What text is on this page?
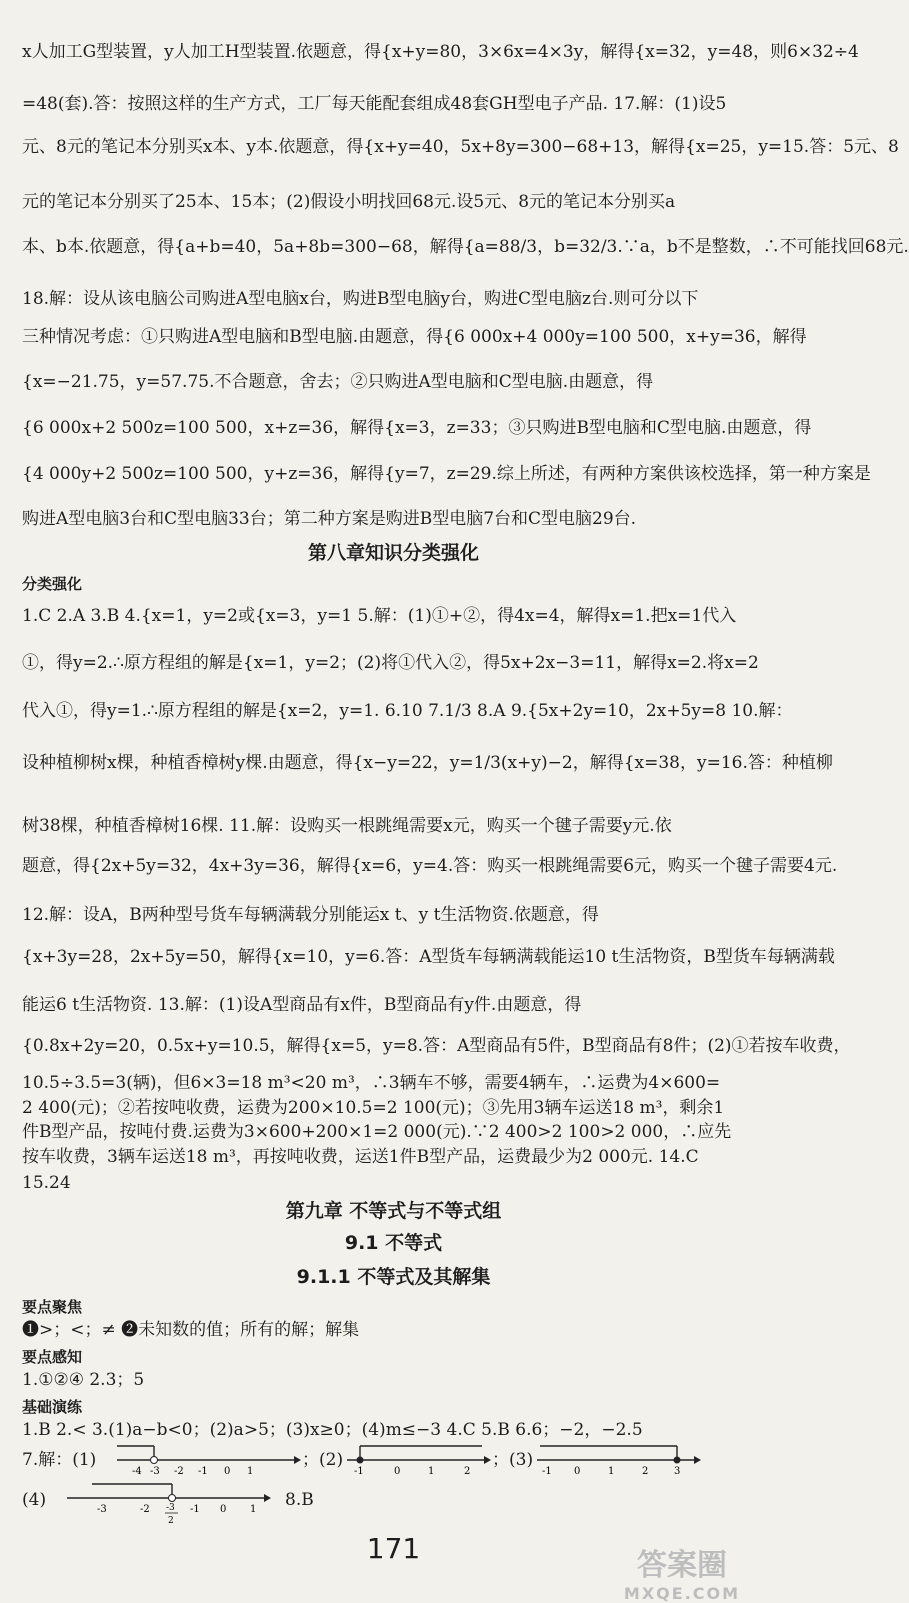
x人加工G型装置，y人加工H型装置.依题意，得{x+y=80，3×6x=4×3y，解得{x=32，y=48，则6×32÷4
=48(套).答：按照这样的生产方式，工厂每天能配套组成48套GH型电子产品. 17.解：(1)设5
元、8元的笔记本分别买x本、y本.依题意，得{x+y=40，5x+8y=300−68+13，解得{x=25，y=15.答：5元、8
元的笔记本分别买了25本、15本；(2)假设小明找回68元.设5元、8元的笔记本分别买a
本、b本.依题意，得{a+b=40，5a+8b=300−68，解得{a=88/3，b=32/3.∵a，b不是整数，∴不可能找回68元.
18.解：设从该电脑公司购进A型电脑x台，购进B型电脑y台，购进C型电脑z台.则可分以下
三种情况考虑：①只购进A型电脑和B型电脑.由题意，得{6 000x+4 000y=100 500，x+y=36，解得
{x=−21.75，y=57.75.不合题意，舍去；②只购进A型电脑和C型电脑.由题意，得
{6 000x+2 500z=100 500，x+z=36，解得{x=3，z=33；③只购进B型电脑和C型电脑.由题意，得
{4 000y+2 500z=100 500，y+z=36，解得{y=7，z=29.综上所述，有两种方案供该校选择，第一种方案是
购进A型电脑3台和C型电脑33台；第二种方案是购进B型电脑7台和C型电脑29台.
第八章知识分类强化
分类强化
1.C 2.A 3.B 4.{x=1，y=2或{x=3，y=1 5.解：(1)①+②，得4x=4，解得x=1.把x=1代入
①，得y=2.∴原方程组的解是{x=1，y=2；(2)将①代入②，得5x+2x−3=11，解得x=2.将x=2
代入①，得y=1.∴原方程组的解是{x=2，y=1. 6.10 7.1/3 8.A 9.{5x+2y=10，2x+5y=8 10.解：
设种植柳树x棵，种植香樟树y棵.由题意，得{x−y=22，y=1/3(x+y)−2，解得{x=38，y=16.答：种植柳
树38棵，种植香樟树16棵. 11.解：设购买一根跳绳需要x元，购买一个毽子需要y元.依
题意，得{2x+5y=32，4x+3y=36，解得{x=6，y=4.答：购买一根跳绳需要6元，购买一个毽子需要4元.
12.解：设A，B两种型号货车每辆满载分别能运x t、y t生活物资.依题意，得
{x+3y=28，2x+5y=50，解得{x=10，y=6.答：A型货车每辆满载能运10 t生活物资，B型货车每辆满载
能运6 t生活物资. 13.解：(1)设A型商品有x件，B型商品有y件.由题意，得
{0.8x+2y=20，0.5x+y=10.5，解得{x=5，y=8.答：A型商品有5件，B型商品有8件；(2)①若按车收费，
10.5÷3.5=3(辆)，但6×3=18 m³<20 m³，∴3辆车不够，需要4辆车，∴运费为4×600=
2 400(元)；②若按吨收费，运费为200×10.5=2 100(元)；③先用3辆车运送18 m³，剩余1
件B型产品，按吨付费.运费为3×600+200×1=2 000(元).∵2 400>2 100>2 000，∴应先
按车收费，3辆车运送18 m³，再按吨收费，运送1件B型产品，运费最少为2 000元. 14.C
15.24
第九章 不等式与不等式组
9.1 不等式
9.1.1 不等式及其解集
要点聚焦
❶>；<；≠ ❷未知数的值；所有的解；解集
要点感知
1.①②④ 2.3；5
基础演练
1.B 2.< 3.(1)a−b<0；(2)a>5；(3)x≥0；(4)m≤−3 4.C 5.B 6.6；−2，−2.5
7.解：(1)
-4 -3 -2 -1 0 1
；(2)
-1	0	1	2
；(3)
-1 0	1	2	3
(4)	-3	-2 -3
2
-1 0 1 8.B
171	答案圈
MXQE.COM
